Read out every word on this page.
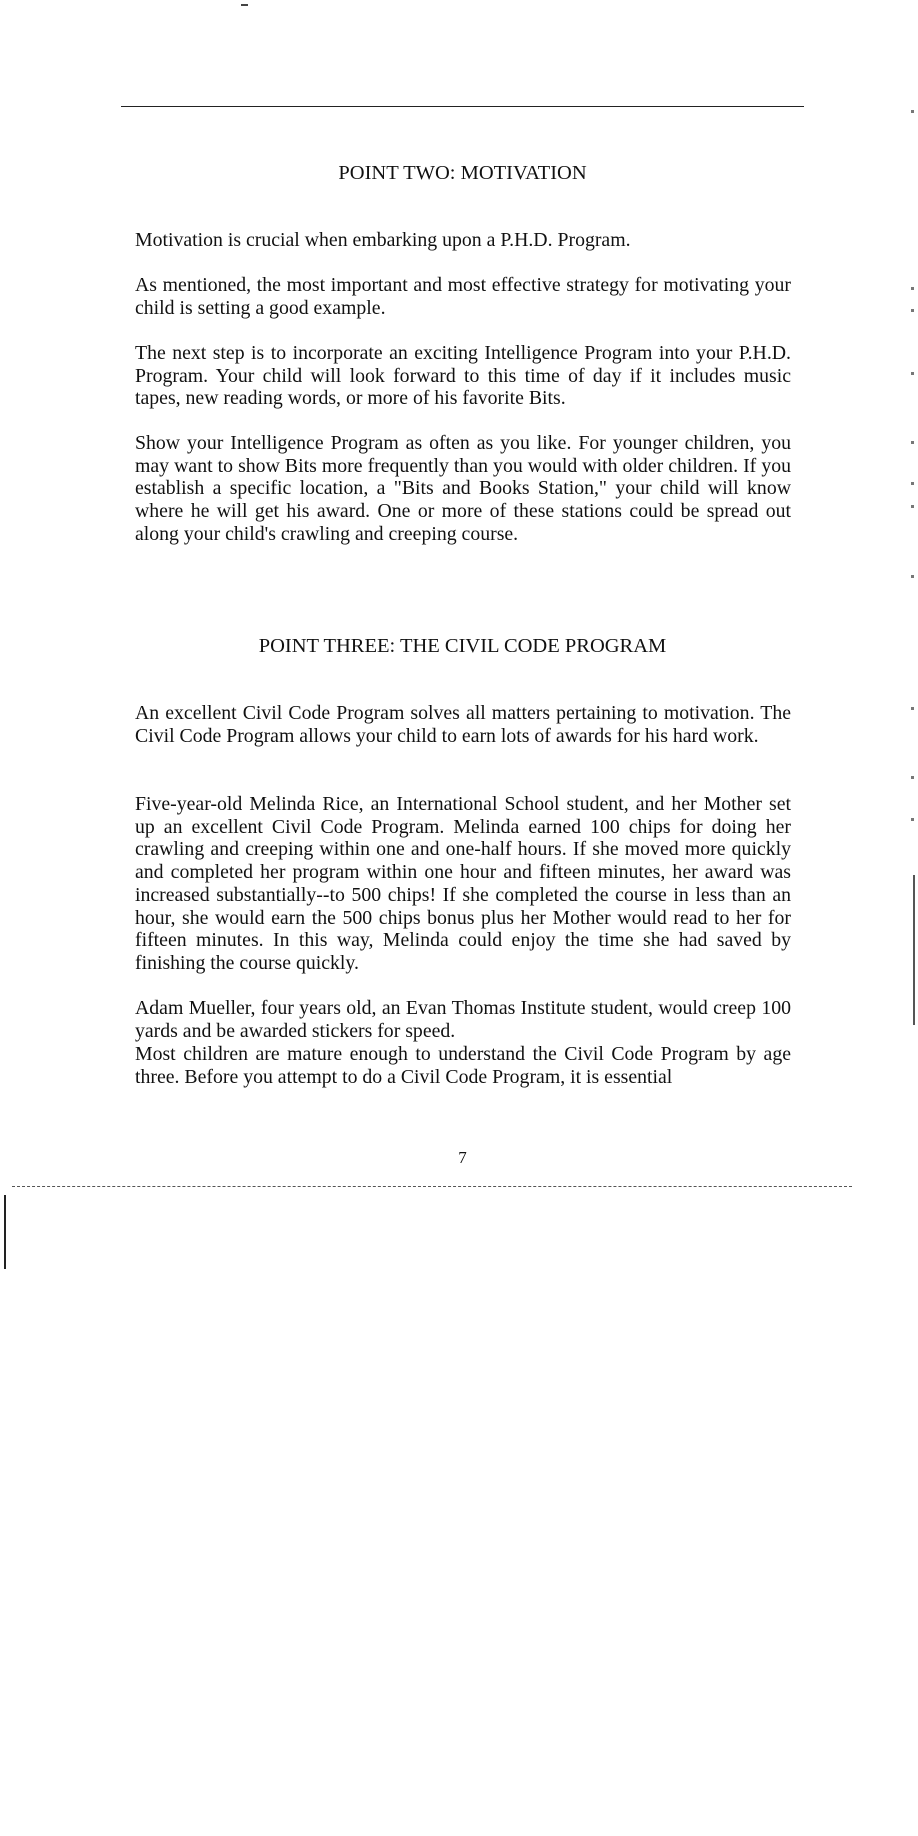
POINT TWO: MOTIVATION

Motivation is crucial when embarking upon a P.H.D. Program.

As mentioned, the most important and most effective strategy for motivating your child is setting a good example.

The next step is to incorporate an exciting Intelligence Program into your P.H.D. Program. Your child will look forward to this time of day if it includes music tapes, new reading words, or more of his favorite Bits.

Show your Intelligence Program as often as you like. For younger children, you may want to show Bits more frequently than you would with older children. If you establish a specific location, a "Bits and Books Station," your child will know where he will get his award. One or more of these stations could be spread out along your child's crawling and creeping course.

POINT THREE: THE CIVIL CODE PROGRAM

An excellent Civil Code Program solves all matters pertaining to motivation. The Civil Code Program allows your child to earn lots of awards for his hard work.

Five-year-old Melinda Rice, an International School student, and her Mother set up an excellent Civil Code Program. Melinda earned 100 chips for doing her crawling and creeping within one and one-half hours. If she moved more quickly and completed her program within one hour and fifteen minutes, her award was increased substantially--to 500 chips! If she completed the course in less than an hour, she would earn the 500 chips bonus plus her Mother would read to her for fifteen minutes. In this way, Melinda could enjoy the time she had saved by finishing the course quickly.

Adam Mueller, four years old, an Evan Thomas Institute student, would creep 100 yards and be awarded stickers for speed.

Most children are mature enough to understand the Civil Code Program by age three. Before you attempt to do a Civil Code Program, it is essential

7
